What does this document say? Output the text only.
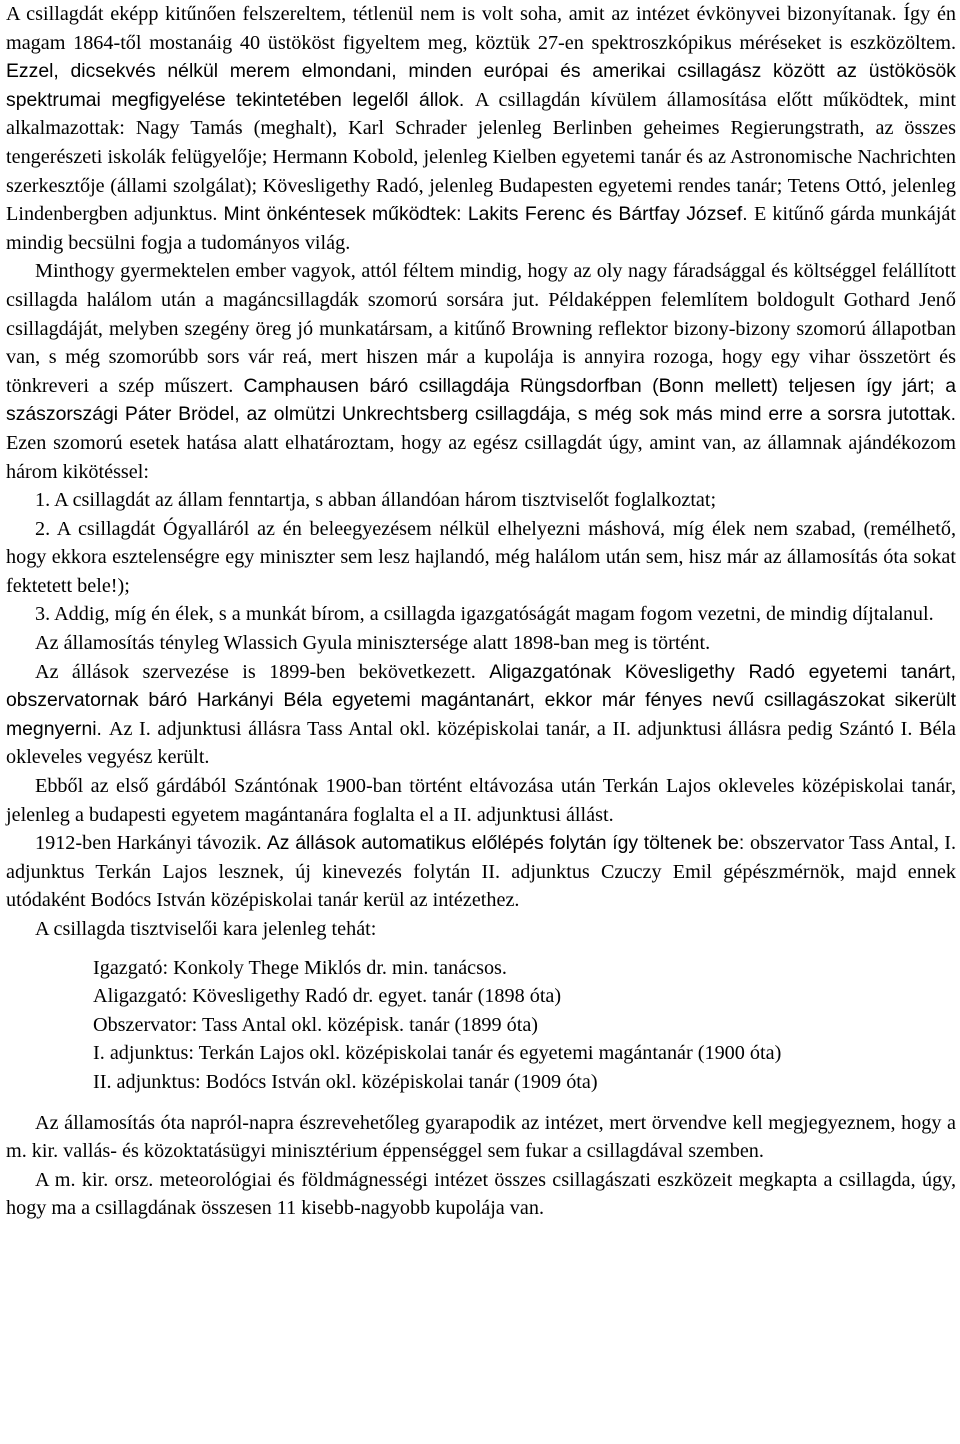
A csillagdát eképp kitűnően felszereltem, tétlenül nem is volt soha, amit az intézet évkönyvei bizonyítanak. Így én magam 1864-től mostanáig 40 üstököst figyeltem meg, köztük 27-en spektroszkópikus méréseket is eszközöltem. Ezzel, dicsekvés nélkül merem elmondani, minden európai és amerikai csillagász között az üstökösök spektrumai megfigyelése tekintetében legelől állok. A csillagdán kívülem államosítása előtt működtek, mint alkalmazottak: Nagy Tamás (meghalt), Karl Schrader jelenleg Berlinben geheimes Regierungstrath, az összes tengerészeti iskolák felügyelője; Hermann Kobold, jelenleg Kielben egyetemi tanár és az Astronomische Nachrichten szerkesztője (állami szolgálat); Kövesligethy Radó, jelenleg Budapesten egyetemi rendes tanár; Tetens Ottó, jelenleg Lindenbergben adjunktus. Mint önkéntesek működtek: Lakits Ferenc és Bártfay József. E kitűnő gárda munkáját mindig becsülni fogja a tudományos világ.

Minthogy gyermektelen ember vagyok, attól féltem mindig, hogy az oly nagy fáradsággal és költséggel felállított csillagda halálom után a magáncsillagdák szomorú sorsára jut. Példaképpen felemlítem boldogult Gothard Jenő csillagdáját, melyben szegény öreg jó munkatársam, a kitűnő Browning reflektor bizony-bizony szomorú állapotban van, s még szomorúbb sors vár reá, mert hiszen már a kupolája is annyira rozoga, hogy egy vihar összetört és tönkreveri a szép műszert. Camphausen báró csillagdája Rüngsdorfban (Bonn mellett) teljesen így járt; a szászországi Páter Brödel, az olmützi Unkrechtsberg csillagdája, s még sok más mind erre a sorsra jutottak. Ezen szomorú esetek hatása alatt elhatároztam, hogy az egész csillagdát úgy, amint van, az államnak ajándékozom három kikötéssel:

1. A csillagdát az állam fenntartja, s abban állandóan három tisztviselőt foglalkoztat;

2. A csillagdát Ógyalláról az én beleegyezésem nélkül elhelyezni máshová, míg élek nem szabad, (remélhető, hogy ekkora esztelenségre egy miniszter sem lesz hajlandó, még halálom után sem, hisz már az államosítás óta sokat fektetett bele!);

3. Addig, míg én élek, s a munkát bírom, a csillagda igazgatóságát magam fogom vezetni, de mindig díjtalanul.

Az államosítás tényleg Wlassich Gyula minisztersége alatt 1898-ban meg is történt.

Az állások szervezése is 1899-ben bekövetkezett. Aligazgatónak Kövesligethy Radó egyetemi tanárt, obszervatornak báró Harkányi Béla egyetemi magántanárt, ekkor már fényes nevű csillagászokat sikerült megnyerni. Az I. adjunktusi állásra Tass Antal okl. középiskolai tanár, a II. adjunktusi állásra pedig Szántó I. Béla okleveles vegyész került.

Ebből az első gárdából Szántónak 1900-ban történt eltávozása után Terkán Lajos okleveles középiskolai tanár, jelenleg a budapesti egyetem magántanára foglalta el a II. adjunktusi állást.

1912-ben Harkányi távozik. Az állások automatikus előlépés folytán így töltenek be: obszervator Tass Antal, I. adjunktus Terkán Lajos lesznek, új kinevezés folytán II. adjunktus Czuczy Emil gépészmérnök, majd ennek utódaként Bodócs István középiskolai tanár kerül az intézethez.

A csillagda tisztviselői kara jelenleg tehát:

Igazgató: Konkoly Thege Miklós dr. min. tanácsos.
Aligazgató: Kövesligethy Radó dr. egyet. tanár (1898 óta)
Obszervator: Tass Antal okl. középisk. tanár (1899 óta)
I. adjunktus: Terkán Lajos okl. középiskolai tanár és egyetemi magántanár (1900 óta)
II. adjunktus: Bodócs István okl. középiskolai tanár (1909 óta)

Az államosítás óta napról-napra észrevehetőleg gyarapodik az intézet, mert örvendve kell megjegyeznem, hogy a m. kir. vallás- és közoktatásügyi minisztérium éppenséggel sem fukar a csillagdával szemben.

A m. kir. orsz. meteorológiai és földmágnességi intézet összes csillagászati eszközeit megkapta a csillagda, úgy, hogy ma a csillagdának összesen 11 kisebb-nagyobb kupolája van.
